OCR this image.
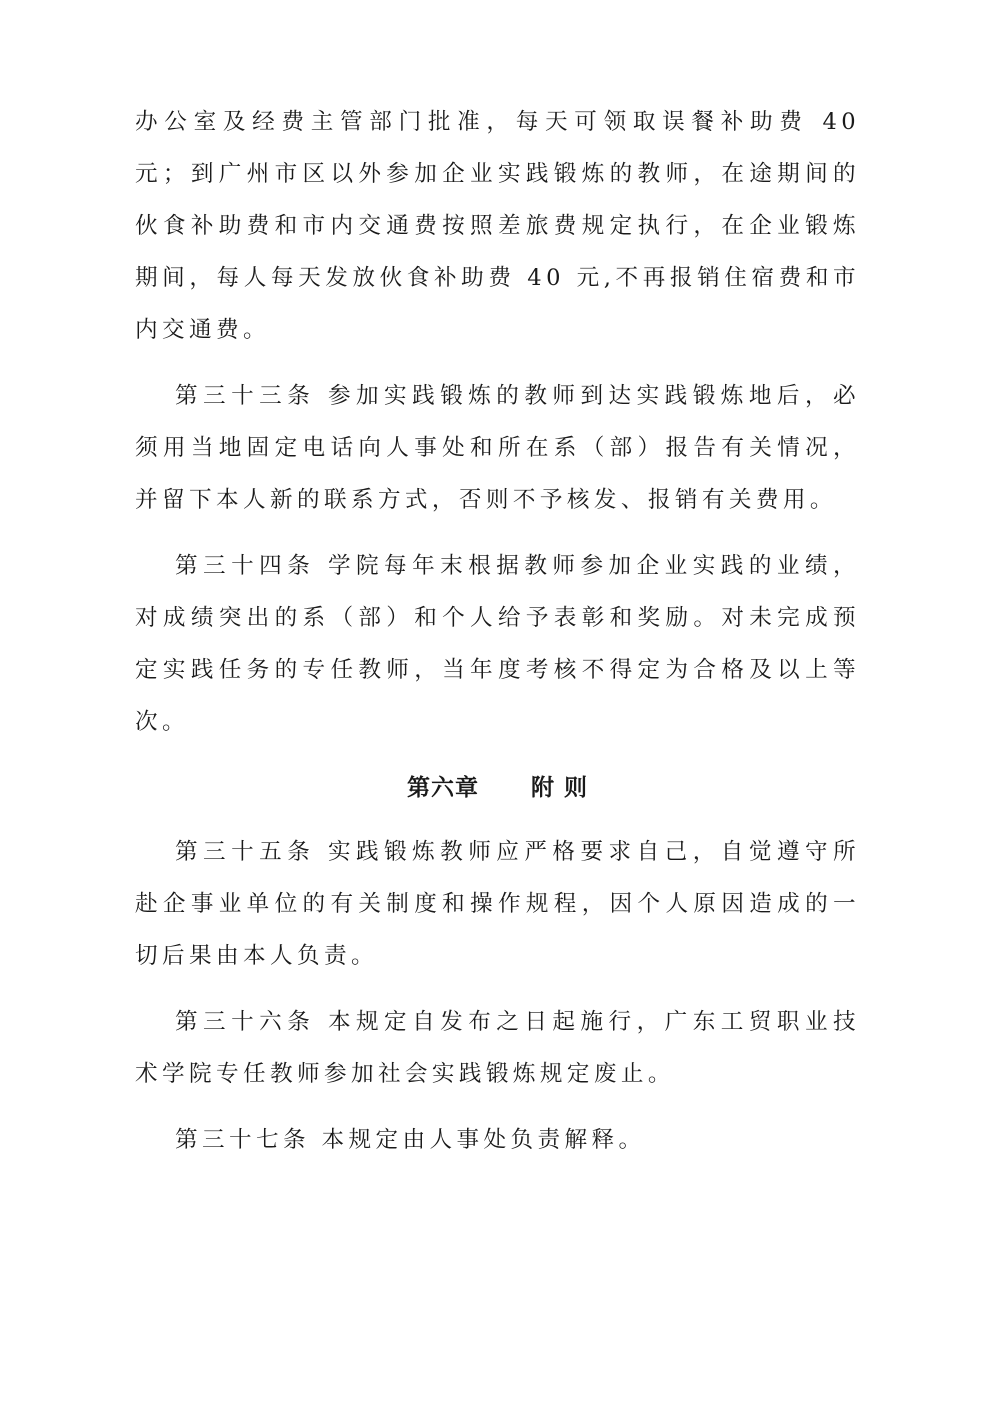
办公室及经费主管部门批准，每天可领取误餐补助费 40 元；到广州市区以外参加企业实践锻炼的教师，在途期间的伙食补助费和市内交通费按照差旅费规定执行，在企业锻炼期间，每人每天发放伙食补助费 40 元,不再报销住宿费和市内交通费。

第三十三条 参加实践锻炼的教师到达实践锻炼地后，必须用当地固定电话向人事处和所在系（部）报告有关情况，并留下本人新的联系方式，否则不予核发、报销有关费用。

第三十四条 学院每年末根据教师参加企业实践的业绩，对成绩突出的系（部）和个人给予表彰和奖励。对未完成预定实践任务的专任教师，当年度考核不得定为合格及以上等次。

第六章 附 则

第三十五条 实践锻炼教师应严格要求自己，自觉遵守所赴企事业单位的有关制度和操作规程，因个人原因造成的一切后果由本人负责。

第三十六条 本规定自发布之日起施行，广东工贸职业技术学院专任教师参加社会实践锻炼规定废止。

第三十七条 本规定由人事处负责解释。
